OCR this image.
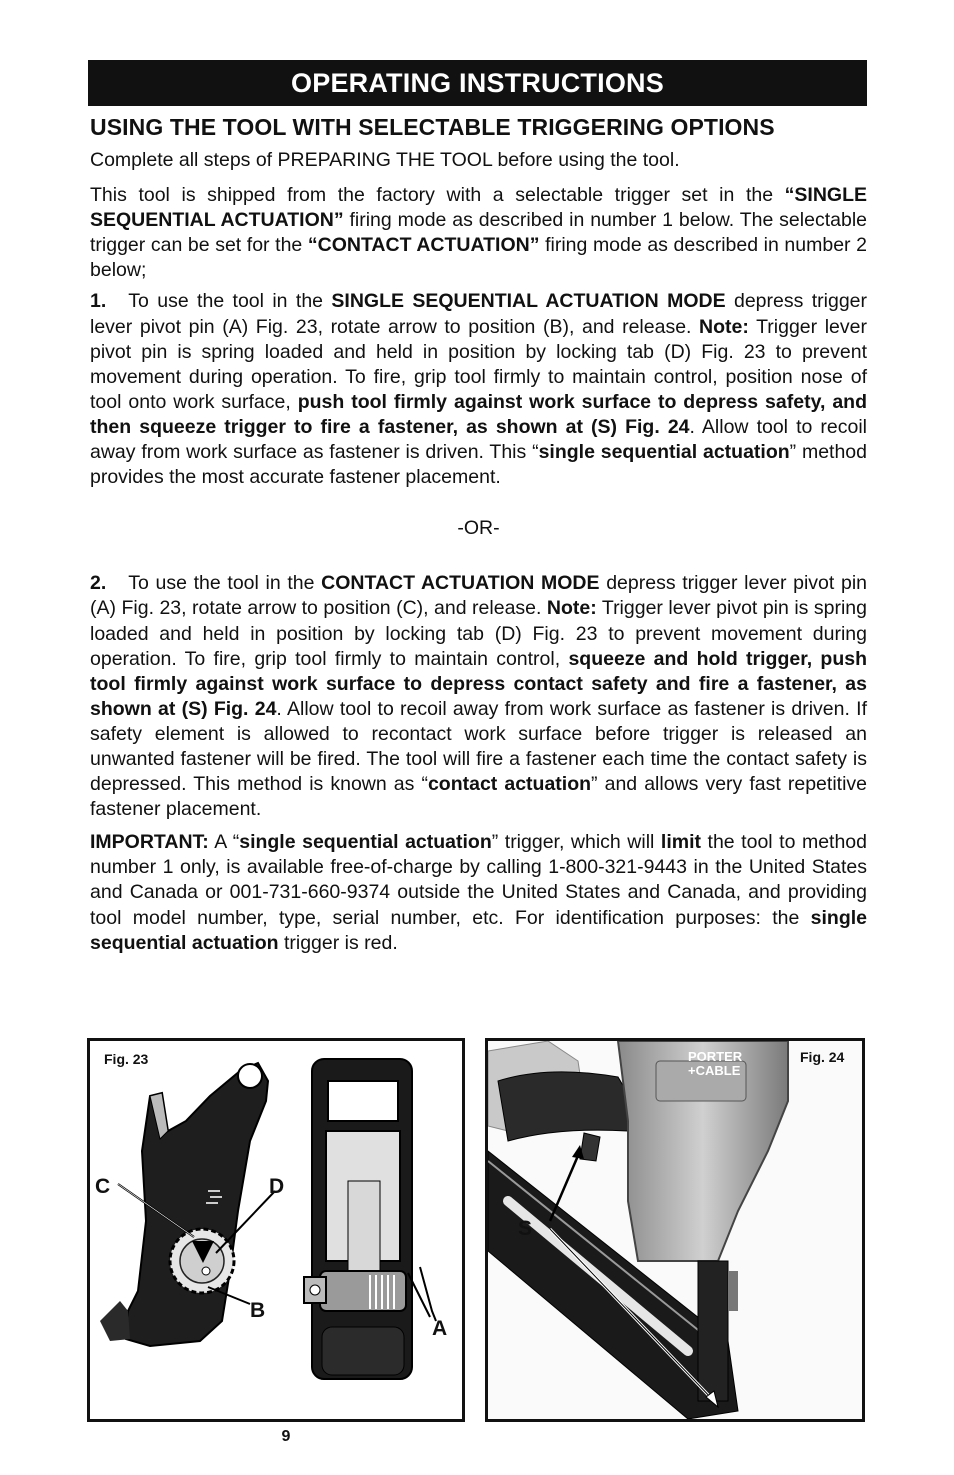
OPERATING INSTRUCTIONS
USING THE TOOL WITH SELECTABLE TRIGGERING OPTIONS

Complete all steps of PREPARING THE TOOL before using the tool.

This tool is shipped from the factory with a selectable trigger set in the “SINGLE SEQUENTIAL ACTUATION” firing mode as described in number 1 below. The selectable trigger can be set for the “CONTACT ACTUATION” firing mode as described in number 2 below;

1. To use the tool in the SINGLE SEQUENTIAL ACTUATION MODE depress trigger lever pivot pin (A) Fig. 23, rotate arrow to position (B), and release. Note: Trigger lever pivot pin is spring loaded and held in position by locking tab (D) Fig. 23 to prevent movement during operation. To fire, grip tool firmly to maintain control, position nose of tool onto work surface, push tool firmly against work surface to depress safety, and then squeeze trigger to fire a fastener, as shown at (S) Fig. 24. Allow tool to recoil away from work surface as fastener is driven. This “single sequential actuation” method provides the most accurate fastener placement.

-OR-

2. To use the tool in the CONTACT ACTUATION MODE depress trigger lever pivot pin (A) Fig. 23, rotate arrow to position (C), and release. Note: Trigger lever pivot pin is spring loaded and held in position by locking tab (D) Fig. 23 to prevent movement during operation. To fire, grip tool firmly to maintain control, squeeze and hold trigger, push tool firmly against work surface to depress contact safety and fire a fastener, as shown at (S) Fig. 24. Allow tool to recoil away from work surface as fastener is driven. If safety element is allowed to recontact work surface before trigger is released an unwanted fastener will be fired. The tool will fire a fastener each time the contact safety is depressed. This method is known as “contact actuation” and allows very fast repetitive fastener placement.

IMPORTANT: A “single sequential actuation” trigger, which will limit the tool to method number 1 only, is available free-of-charge by calling 1-800-321-9443 in the United States and Canada or 001-731-660-9374 outside the United States and Canada, and providing tool model number, type, serial number, etc. For identification purposes: the single sequential actuation trigger is red.

Fig. 23
C	D
B
A
PORTER
+CABLE
Fig. 24
S
9
